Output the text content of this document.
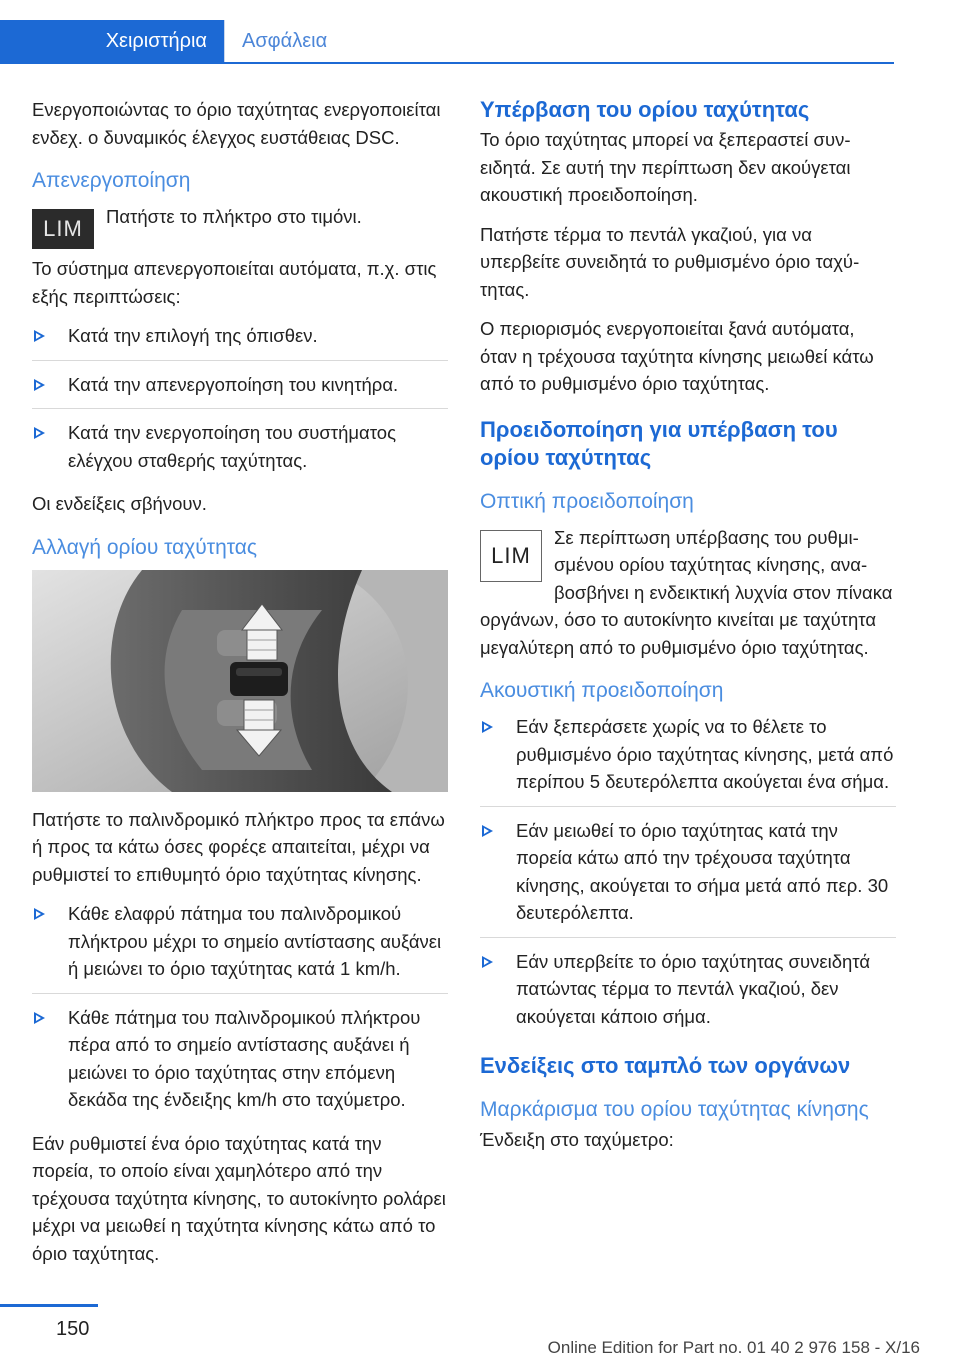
Χειριστήρια Ασφάλεια

Ενεργοποιώντας το όριο ταχύτητας ενεργοποιείται ενδεχ. ο δυναμικός έλεγχος ευστάθειας DSC.

Απενεργοποίηση
LIM	Πατήστε το πλήκτρο στο τιμόνι.

Το σύστημα απενεργοποιείται αυτόματα, π.χ. στις εξής περιπτώσεις:

Κατά την επιλογή της όπισθεν.
Κατά την απενεργοποίηση του κινητήρα.
Κατά την ενεργοποίηση του συστήματος ελέγχου σταθερής ταχύτητας.

Οι ενδείξεις σβήνουν.

Αλλαγή ορίου ταχύτητας

Πατήστε το παλινδρομικό πλήκτρο προς τα επάνω ή προς τα κάτω όσες φορέςε απαιτείται, μέχρι να ρυθμιστεί το επιθυμητό όριο ταχύτητας κίνησης.

Κάθε ελαφρύ πάτημα του παλινδρομικού πλήκτρου μέχρι το σημείο αντίστασης αυξάνει ή μειώνει το όριο ταχύτητας κατά 1 km/h.
Κάθε πάτημα του παλινδρομικού πλήκτρου πέρα από το σημείο αντίστασης αυξάνει ή μειώνει το όριο ταχύτητας στην επόμενη δεκάδα της ένδειξης km/h στο ταχύμετρο.

Εάν ρυθμιστεί ένα όριο ταχύτητας κατά την πορεία, το οποίο είναι χαμηλότερο από την τρέχουσα ταχύτητα κίνησης, το αυτοκίνητο ρολάρει μέχρι να μειωθεί η ταχύτητα κίνησης κάτω από το όριο ταχύτητας.

Υπέρβαση του ορίου ταχύτητας

Το όριο ταχύτητας μπορεί να ξεπεραστεί συνειδητά. Σε αυτή την περίπτωση δεν ακούγεται ακουστική προειδοποίηση.

Πατήστε τέρμα το πεντάλ γκαζιού, για να υπερβείτε συνειδητά το ρυθμισμένο όριο ταχύτητας.

Ο περιορισμός ενεργοποιείται ξανά αυτόματα, όταν η τρέχουσα ταχύτητα κίνησης μειωθεί κάτω από το ρυθμισμένο όριο ταχύτητας.

Προειδοποίηση για υπέρβαση του ορίου ταχύτητας
Οπτική προειδοποίηση
LIM

Σε περίπτωση υπέρβασης του ρυθμισμένου ορίου ταχύτητας κίνησης, αναβοσβήνει η ενδεικτική λυχνία στον πίνακα οργάνων, όσο το αυτοκίνητο κινείται με ταχύτητα μεγαλύτερη από το ρυθμισμένο όριο ταχύτητας.

Ακουστική προειδοποίηση
Εάν ξεπεράσετε χωρίς να το θέλετε το ρυθμισμένο όριο ταχύτητας κίνησης, μετά από περίπου 5 δευτερόλεπτα ακούγεται ένα σήμα.
Εάν μειωθεί το όριο ταχύτητας κατά την πορεία κάτω από την τρέχουσα ταχύτητα κίνησης, ακούγεται το σήμα μετά από περ. 30 δευτερόλεπτα.
Εάν υπερβείτε το όριο ταχύτητας συνειδητά πατώντας τέρμα το πεντάλ γκαζιού, δεν ακούγεται κάποιο σήμα.
Ενδείξεις στο ταμπλό των οργάνων
Μαρκάρισμα του ορίου ταχύτητας κίνησης

Ένδειξη στο ταχύμετρο:

150
Online Edition for Part no. 01 40 2 976 158 - X/16
